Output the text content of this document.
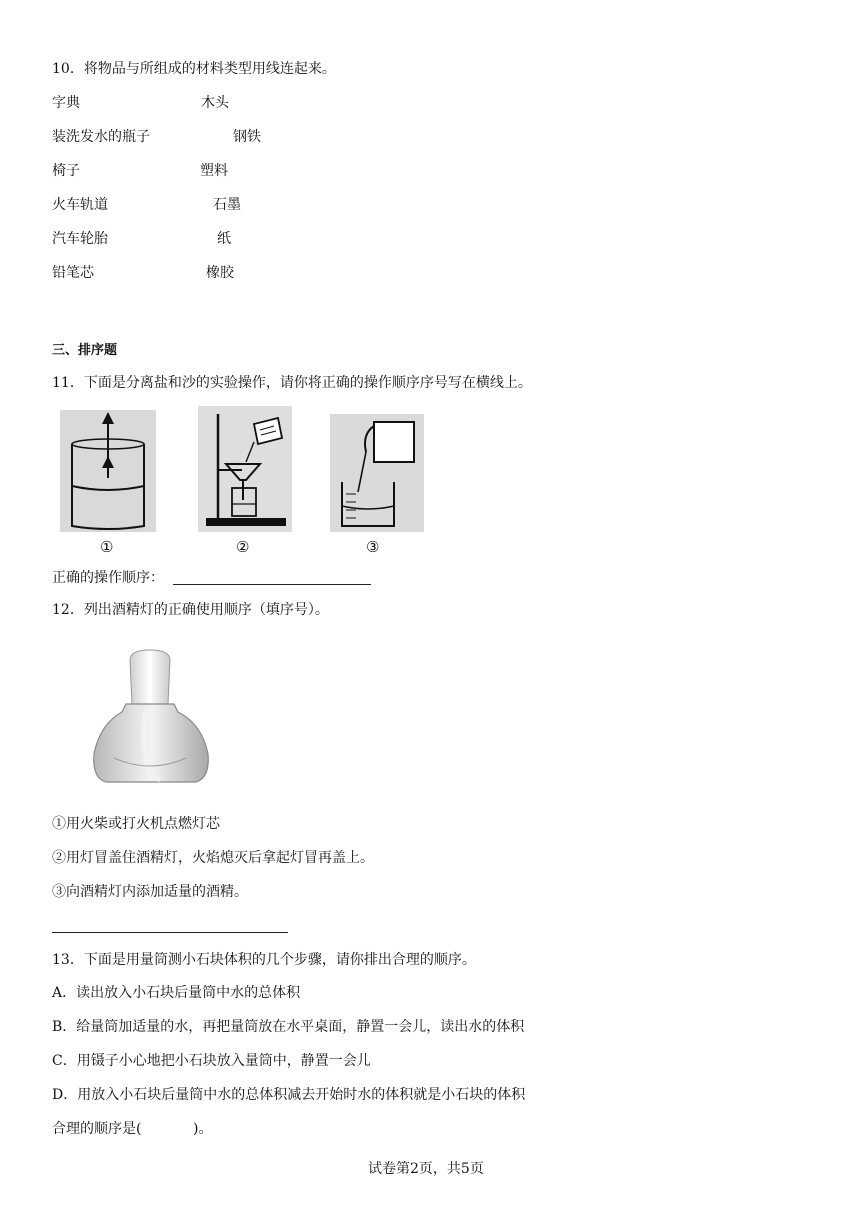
10．将物品与所组成的材料类型用线连起来。
字典	木头
装洗发水的瓶子	钢铁
椅子	塑料
火车轨道	石墨
汽车轮胎	纸
铅笔芯	橡胶
三、排序题
11．下面是分离盐和沙的实验操作，请你将正确的操作顺序序号写在横线上。
①	②	③
正确的操作顺序：
12．列出酒精灯的正确使用顺序（填序号）。
①用火柴或打火机点燃灯芯
②用灯冒盖住酒精灯，火焰熄灭后拿起灯冒再盖上。
③向酒精灯内添加适量的酒精。
13．下面是用量筒测小石块体积的几个步骤，请你排出合理的顺序。
A．读出放入小石块后量筒中水的总体积
B．给量筒加适量的水，再把量筒放在水平桌面，静置一会儿，读出水的体积
C．用镊子小心地把小石块放入量筒中，静置一会儿
D．用放入小石块后量筒中水的总体积减去开始时水的体积就是小石块的体积
合理的顺序是(	)。
试卷第2页，共5页
